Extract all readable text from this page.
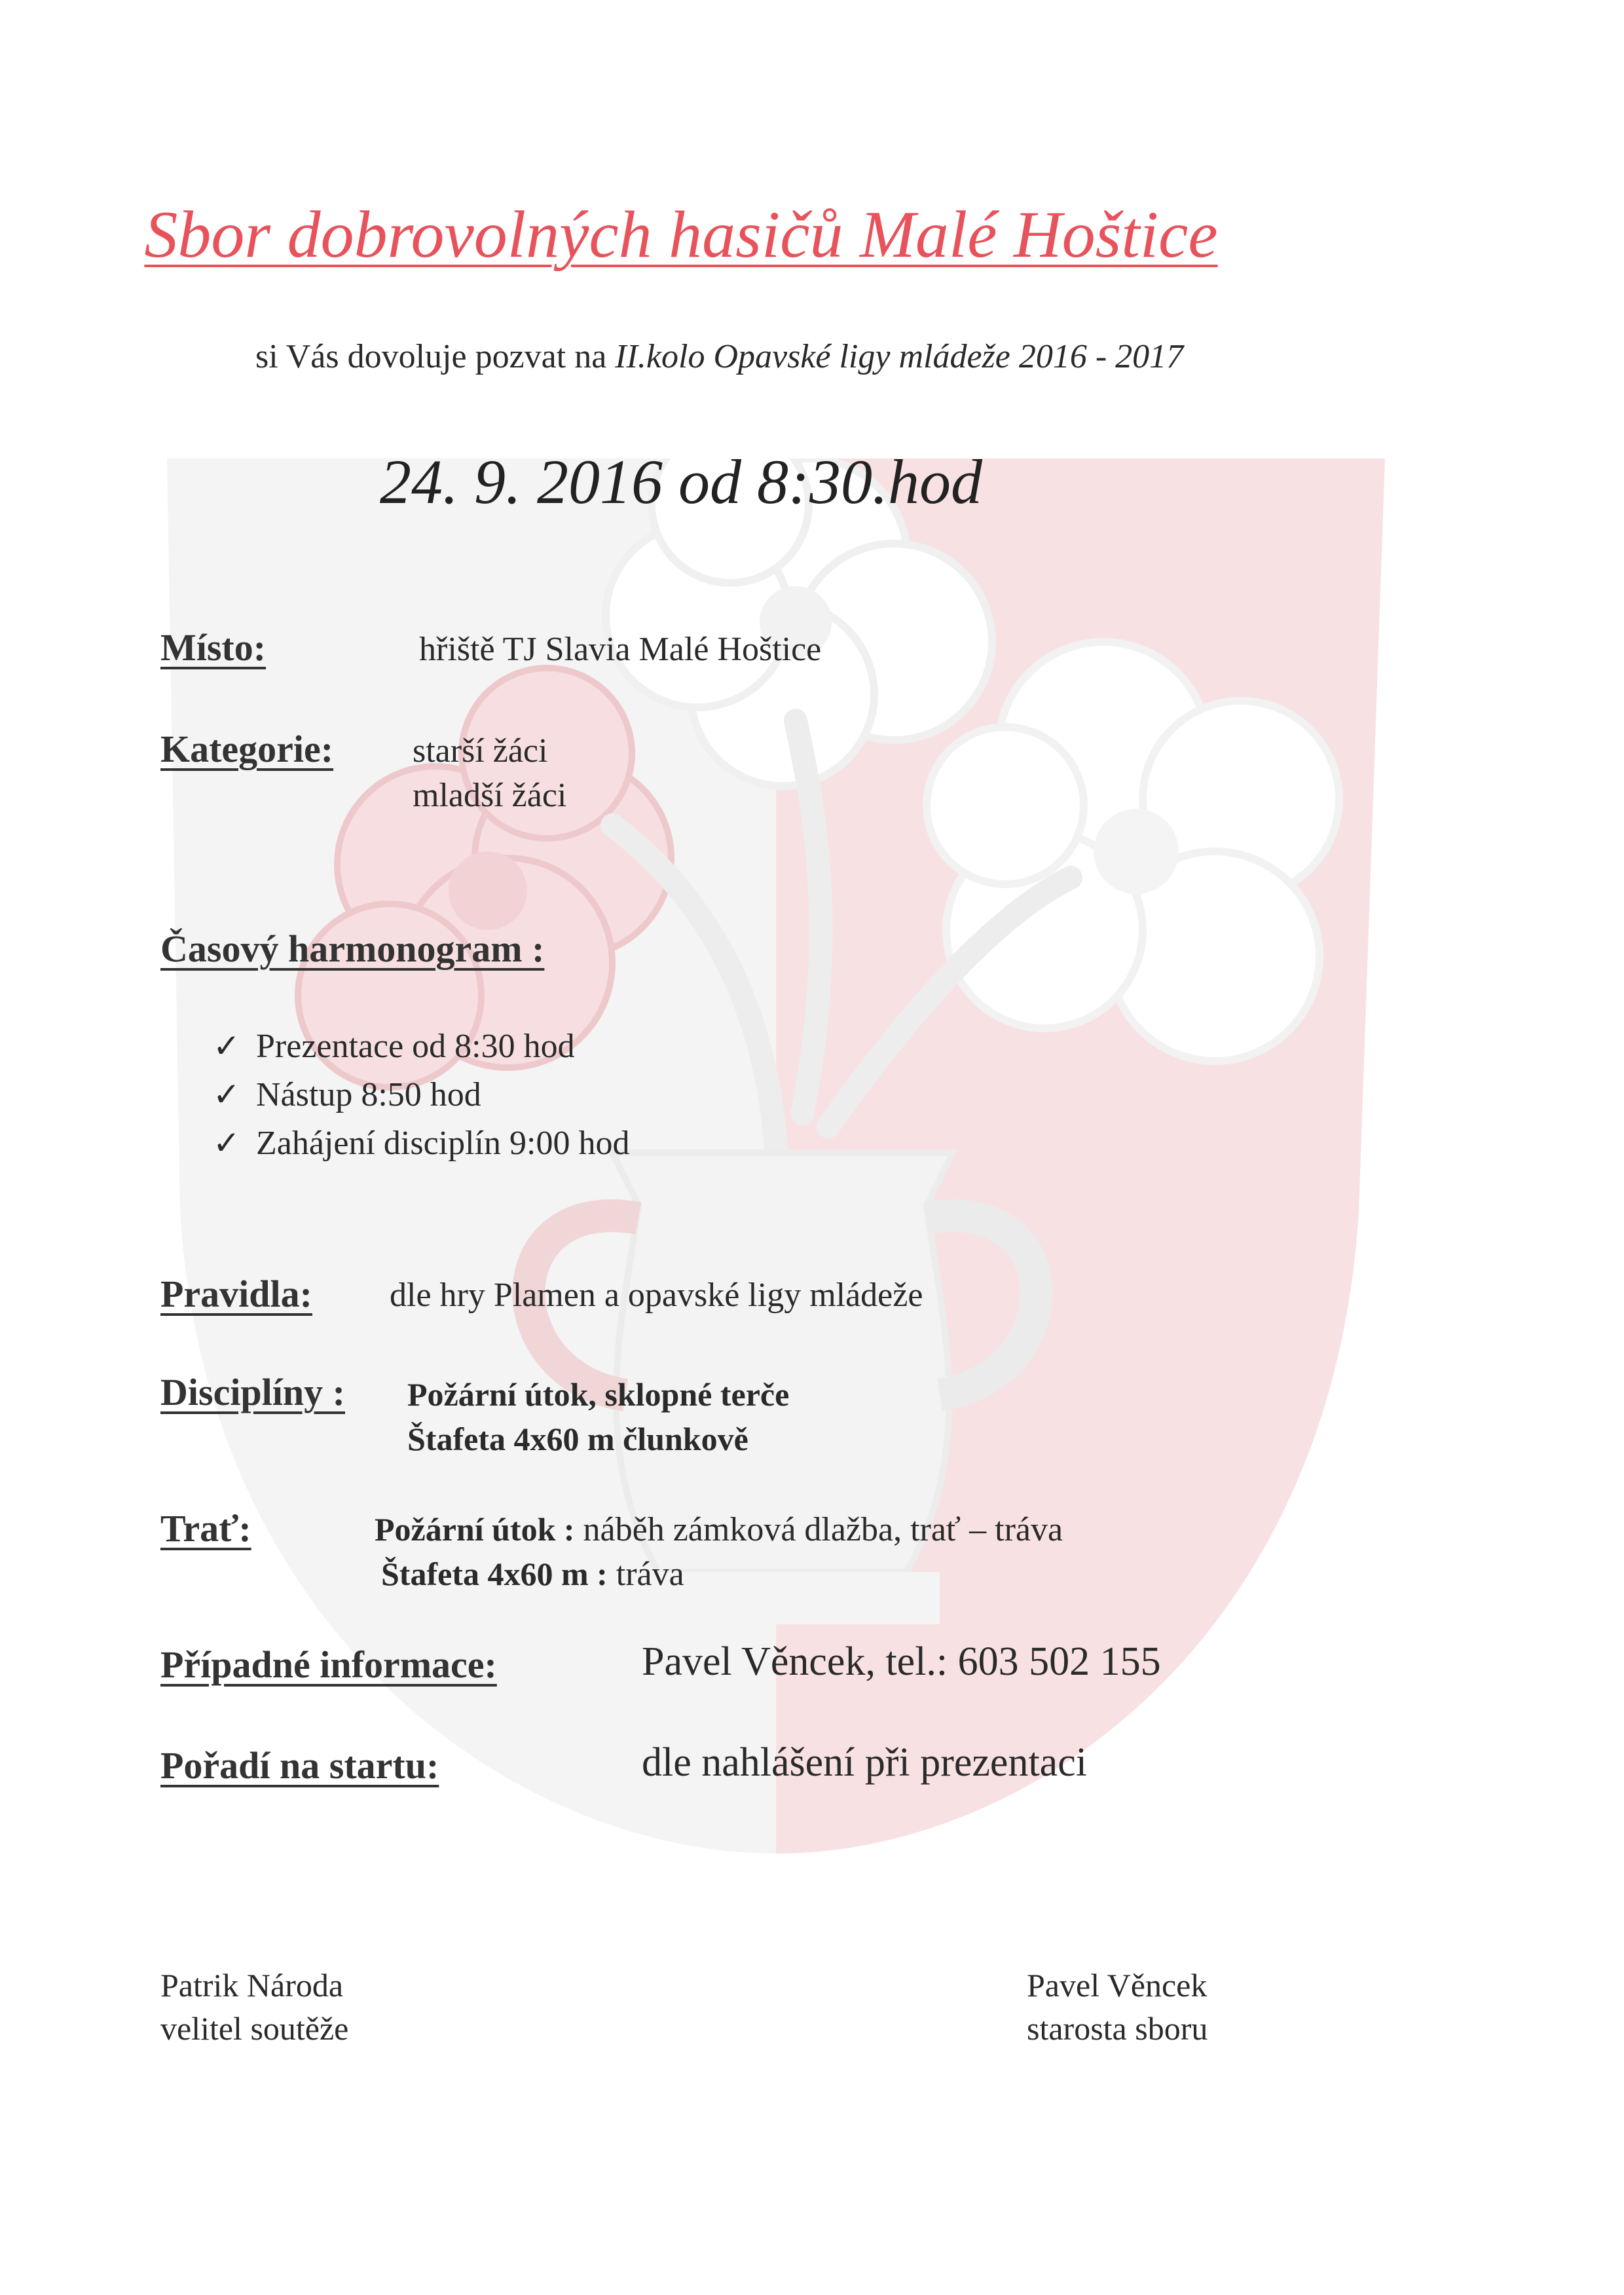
Sbor dobrovolných hasičů Malé Hoštice
si Vás dovoluje pozvat na II.kolo Opavské ligy mládeže 2016 - 2017
24. 9. 2016 od 8:30.hod
Místo:	hřiště TJ Slavia Malé Hoštice
Kategorie: starší žáci
mladší žáci
Časový harmonogram :
✓ Prezentace od 8:30 hod
✓ Nástup 8:50 hod
✓ Zahájení disciplín 9:00 hod
Pravidla: dle hry Plamen a opavské ligy mládeže
Disciplíny : Požární útok, sklopné terče
Štafeta 4x60 m člunkově
Trať:	Požární útok : náběh zámková dlažba, trať – tráva
Štafeta 4x60 m : tráva
Případné informace:	Pavel Věncek, tel.: 603 502 155
Pořadí na startu:	dle nahlášení při prezentaci
Patrik Národa
velitel soutěže
Pavel Věncek
starosta sboru
